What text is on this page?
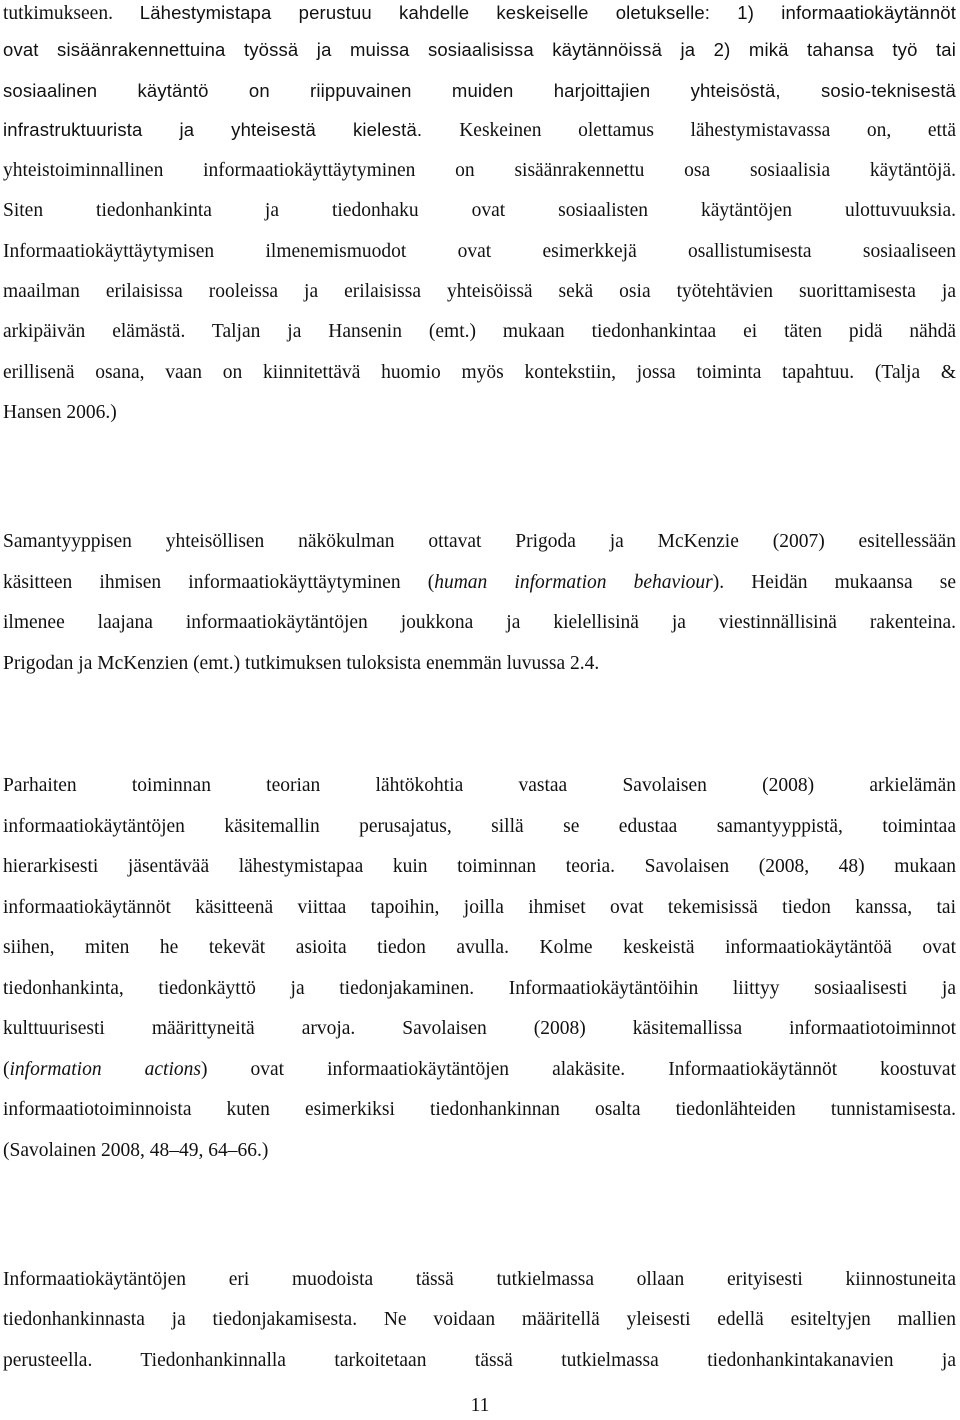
tutkimukseen. Lähestymistapa perustuu kahdelle keskeiselle oletukselle: 1) informaatiokäytännöt
ovat sisäänrakennettuina työssä ja muissa sosiaalisissa käytännöissä ja 2) mikä tahansa työ tai
sosiaalinen käytäntö on riippuvainen muiden harjoittajien yhteisöstä, sosio-teknisestä
infrastruktuurista ja yhteisestä kielestä. Keskeinen olettamus lähestymistavassa on, että
yhteistoiminnallinen informaatiokäyttäytyminen on sisäänrakennettu osa sosiaalisia käytäntöjä.
Siten tiedonhankinta ja tiedonhaku ovat sosiaalisten käytäntöjen ulottuvuuksia.
Informaatiokäyttäytymisen ilmenemismuodot ovat esimerkkejä osallistumisesta sosiaaliseen
maailman erilaisissa rooleissa ja erilaisissa yhteisöissä sekä osia työtehtävien suorittamisesta ja
arkipäivän elämästä. Taljan ja Hansenin (emt.) mukaan tiedonhankintaa ei täten pidä nähdä
erillisenä osana, vaan on kiinnitettävä huomio myös kontekstiin, jossa toiminta tapahtuu. (Talja &
Hansen 2006.)
Samantyyppisen yhteisöllisen näkökulman ottavat Prigoda ja McKenzie (2007) esitellessään
käsitteen ihmisen informaatiokäyttäytyminen (human information behaviour). Heidän mukaansa se
ilmenee laajana informaatiokäytäntöjen joukkona ja kielellisinä ja viestinnällisinä rakenteina.
Prigodan ja McKenzien (emt.) tutkimuksen tuloksista enemmän luvussa 2.4.
Parhaiten toiminnan teorian lähtökohtia vastaa Savolaisen (2008) arkielämän
informaatiokäytäntöjen käsitemallin perusajatus, sillä se edustaa samantyyppistä, toimintaa
hierarkisesti jäsentävää lähestymistapaa kuin toiminnan teoria. Savolaisen (2008, 48) mukaan
informaatiokäytännöt käsitteenä viittaa tapoihin, joilla ihmiset ovat tekemisissä tiedon kanssa, tai
siihen, miten he tekevät asioita tiedon avulla. Kolme keskeistä informaatiokäytäntöä ovat
tiedonhankinta, tiedonkäyttö ja tiedonjakaminen. Informaatiokäytäntöihin liittyy sosiaalisesti ja
kulttuurisesti määrittyneitä arvoja. Savolaisen (2008) käsitemallissa informaatiotoiminnot
(information actions) ovat informaatiokäytäntöjen alakäsite. Informaatiokäytännöt koostuvat
informaatiotoiminnoista kuten esimerkiksi tiedonhankinnan osalta tiedonlähteiden tunnistamisesta.
(Savolainen 2008, 48–49, 64–66.)
Informaatiokäytäntöjen eri muodoista tässä tutkielmassa ollaan erityisesti kiinnostuneita
tiedonhankinnasta ja tiedonjakamisesta. Ne voidaan määritellä yleisesti edellä esiteltyjen mallien
perusteella. Tiedonhankinnalla tarkoitetaan tässä tutkielmassa tiedonhankintakanavien ja
11
